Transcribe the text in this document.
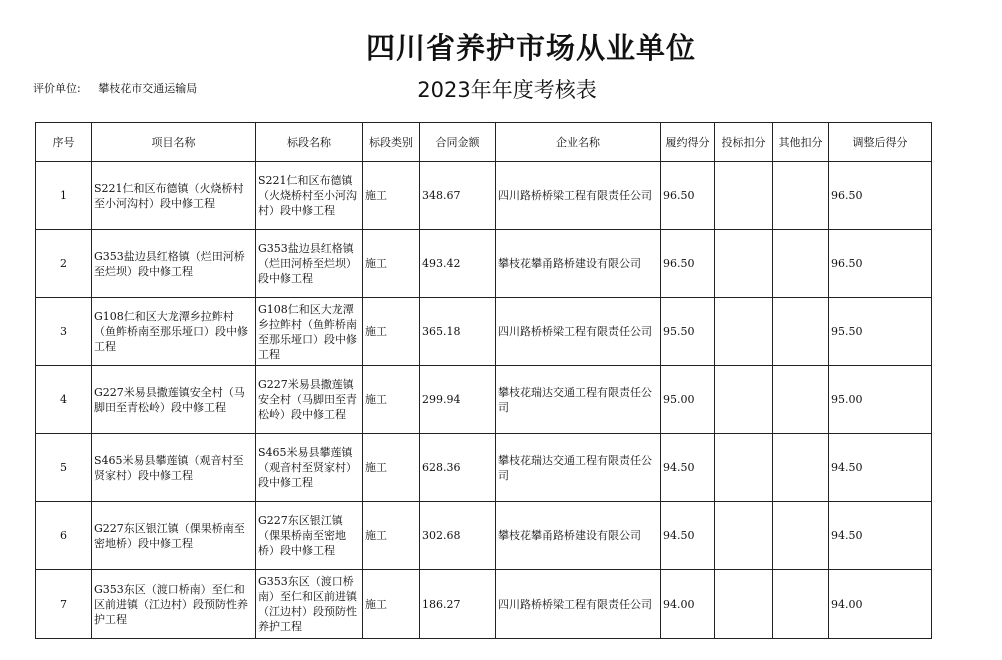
四川省养护市场从业单位
2023年年度考核表
评价单位: 攀枝花市交通运输局
序号	项目名称	标段名称	标段类别	合同金额	企业名称	履约得分	投标扣分	其他扣分	调整后得分
1	S221仁和区布德镇（火烧桥村至小河沟村）段中修工程	S221仁和区布德镇（火烧桥村至小河沟村）段中修工程	施工	348.67	四川路桥桥梁工程有限责任公司	96.50			96.50
2	G353盐边县红格镇（烂田河桥至烂坝）段中修工程	G353盐边县红格镇（烂田河桥至烂坝）段中修工程	施工	493.42	攀枝花攀甬路桥建设有限公司	96.50			96.50
3	G108仁和区大龙潭乡拉鲊村（鱼鲊桥南至那乐垭口）段中修工程	G108仁和区大龙潭乡拉鲊村（鱼鲊桥南至那乐垭口）段中修工程	施工	365.18	四川路桥桥梁工程有限责任公司	95.50			95.50
4	G227米易县撒莲镇安全村（马脚田至青松岭）段中修工程	G227米易县撒莲镇安全村（马脚田至青松岭）段中修工程	施工	299.94	攀枝花瑞达交通工程有限责任公司	95.00			95.00
5	S465米易县攀莲镇（观音村至贤家村）段中修工程	S465米易县攀莲镇（观音村至贤家村）段中修工程	施工	628.36	攀枝花瑞达交通工程有限责任公司	94.50			94.50
6	G227东区银江镇（倮果桥南至密地桥）段中修工程	G227东区银江镇（倮果桥南至密地桥）段中修工程	施工	302.68	攀枝花攀甬路桥建设有限公司	94.50			94.50
7	G353东区（渡口桥南）至仁和区前进镇（江边村）段预防性养护工程	G353东区（渡口桥南）至仁和区前进镇（江边村）段预防性养护工程	施工	186.27	四川路桥桥梁工程有限责任公司	94.00			94.00
